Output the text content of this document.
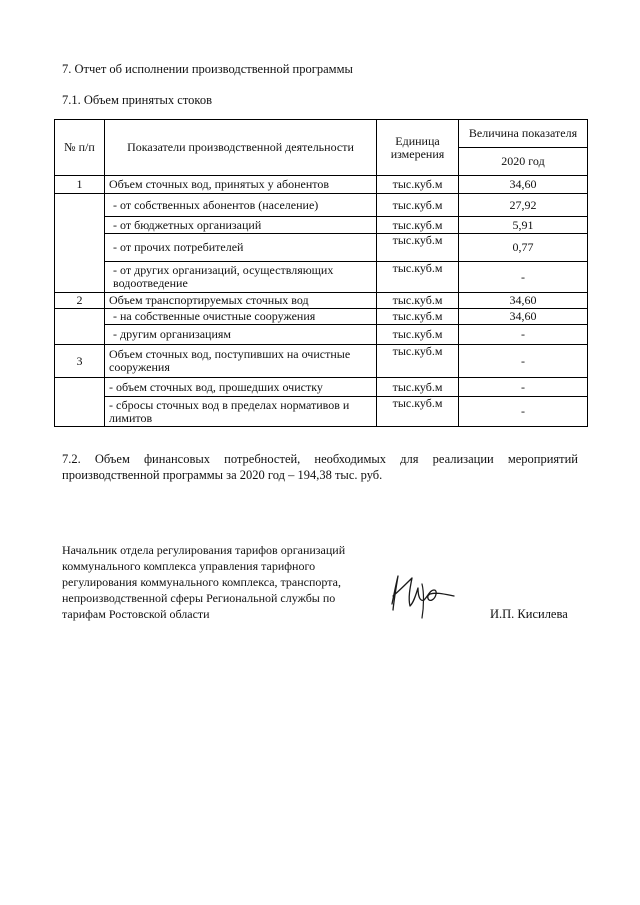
7. Отчет об исполнении производственной программы
7.1. Объем принятых стоков
№ п/п	Показатели производственной деятельности	Единица измерения	Величина показателя
			2020 год
1	Объем сточных вод, принятых у абонентов	тыс.куб.м	34,60
	- от собственных абонентов (население)	тыс.куб.м	27,92
	- от бюджетных организаций	тыс.куб.м	5,91
	- от прочих потребителей	тыс.куб.м	0,77
	- от других организаций, осуществляющих водоотведение	тыс.куб.м	-
2	Объем транспортируемых сточных вод	тыс.куб.м	34,60
	- на собственные очистные сооружения	тыс.куб.м	34,60
	- другим организациям	тыс.куб.м	-
3	Объем сточных вод, поступивших на очистные сооружения	тыс.куб.м	-
	- объем сточных вод, прошедших очистку	тыс.куб.м	-
	- сбросы сточных вод в пределах нормативов и лимитов	тыс.куб.м	-
7.2. Объем финансовых потребностей, необходимых для реализации мероприятий
производственной программы за 2020 год – 194,38 тыс. руб.
Начальник отдела регулирования тарифов организаций
коммунального комплекса управления тарифного
регулирования коммунального комплекса, транспорта,
непроизводственной сферы Региональной службы по
тарифам Ростовской области	И.П. Кисилева
